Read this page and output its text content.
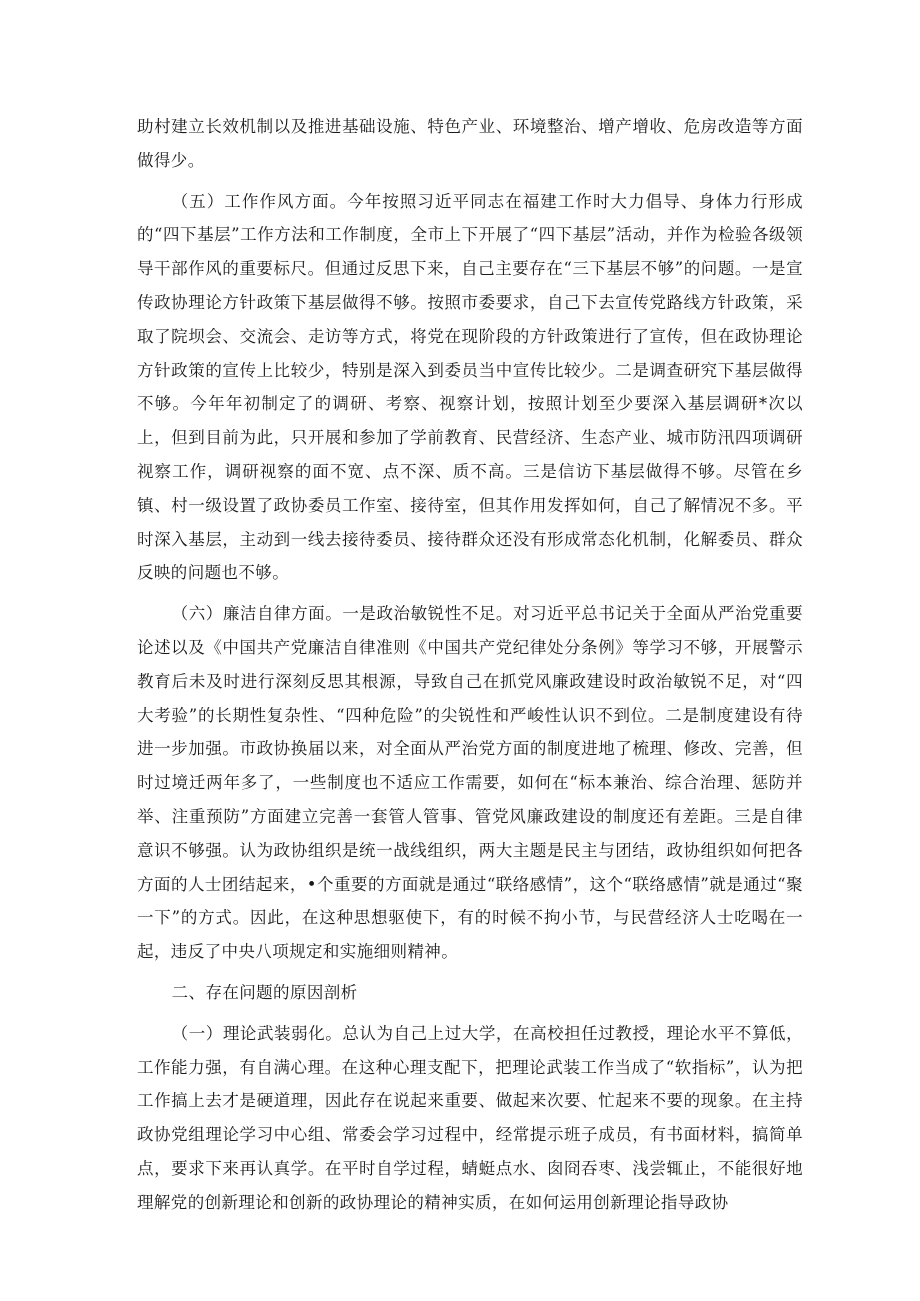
助村建立长效机制以及推进基础设施、特色产业、环境整治、增产增收、危房改造等方面做得少。

（五）工作作风方面。今年按照习近平同志在福建工作时大力倡导、身体力行形成的“四下基层”工作方法和工作制度，全市上下开展了“四下基层”活动，并作为检验各级领导干部作风的重要标尺。但通过反思下来，自己主要存在“三下基层不够”的问题。一是宣传政协理论方针政策下基层做得不够。按照市委要求，自己下去宣传党路线方针政策，采取了院坝会、交流会、走访等方式，将党在现阶段的方针政策进行了宣传，但在政协理论方针政策的宣传上比较少，特别是深入到委员当中宣传比较少。二是调查研究下基层做得不够。今年年初制定了的调研、考察、视察计划，按照计划至少要深入基层调研*次以上，但到目前为此，只开展和参加了学前教育、民营经济、生态产业、城市防汛四项调研视察工作，调研视察的面不宽、点不深、质不高。三是信访下基层做得不够。尽管在乡镇、村一级设置了政协委员工作室、接待室，但其作用发挥如何，自己了解情况不多。平时深入基层，主动到一线去接待委员、接待群众还没有形成常态化机制，化解委员、群众反映的问题也不够。

（六）廉洁自律方面。一是政治敏锐性不足。对习近平总书记关于全面从严治党重要论述以及《中国共产党廉洁自律准则《中国共产党纪律处分条例》等学习不够，开展警示教育后未及时进行深刻反思其根源，导致自己在抓党风廉政建设时政治敏锐不足，对“四大考验”的长期性复杂性、“四种危险”的尖锐性和严峻性认识不到位。二是制度建设有待进一步加强。市政协换届以来，对全面从严治党方面的制度进地了梳理、修改、完善，但时过境迁两年多了，一些制度也不适应工作需要，如何在“标本兼治、综合治理、惩防并举、注重预防”方面建立完善一套管人管事、管党风廉政建设的制度还有差距。三是自律意识不够强。认为政协组织是统一战线组织，两大主题是民主与团结，政协组织如何把各方面的人士团结起来，•个重要的方面就是通过“联络感情”，这个“联络感情”就是通过“聚一下”的方式。因此，在这种思想驱使下，有的时候不拘小节，与民营经济人士吃喝在一起，违反了中央八项规定和实施细则精神。

二、存在问题的原因剖析

（一）理论武装弱化。总认为自己上过大学，在高校担任过教授，理论水平不算低，工作能力强，有自满心理。在这种心理支配下，把理论武装工作当成了“软指标”，认为把工作搞上去才是硬道理，因此存在说起来重要、做起来次要、忙起来不要的现象。在主持政协党组理论学习中心组、常委会学习过程中，经常提示班子成员，有书面材料，搞简单点，要求下来再认真学。在平时自学过程，蜻蜓点水、囱冏吞枣、浅尝辄止，不能很好地理解党的创新理论和创新的政协理论的精神实质，在如何运用创新理论指导政协
